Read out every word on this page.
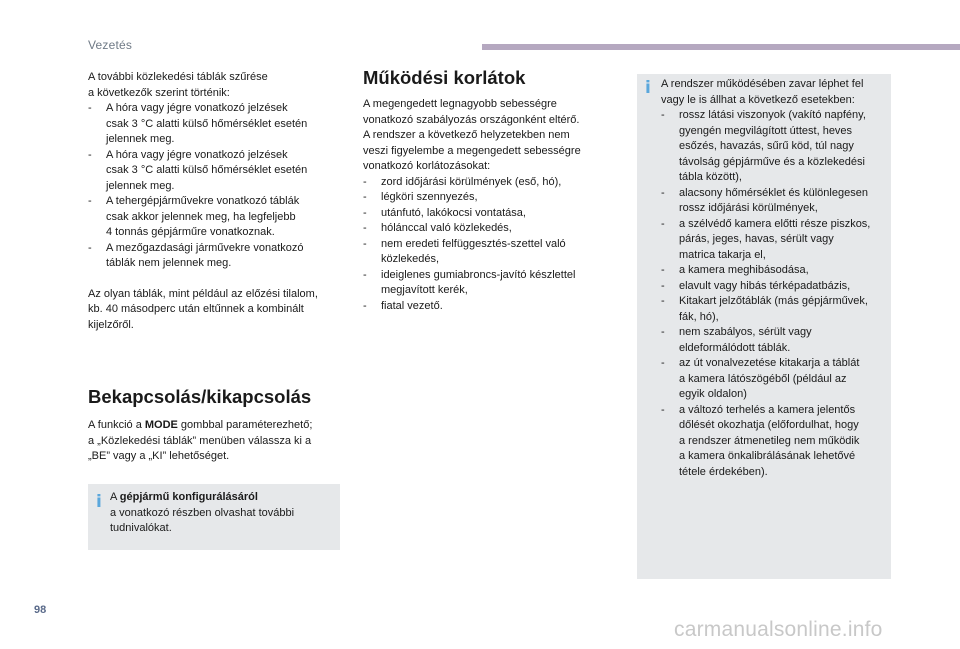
Vezetés

A további közlekedési táblák szűrése

a következők szerint történik:

- A hóra vagy jégre vonatkozó jelzések

csak 3 °C alatti külső hőmérséklet esetén

jelennek meg.

- A hóra vagy jégre vonatkozó jelzések

csak 3 °C alatti külső hőmérséklet esetén

jelennek meg.

- A tehergépjárművekre vonatkozó táblák

csak akkor jelennek meg, ha legfeljebb

4 tonnás gépjárműre vonatkoznak.

- A mezőgazdasági járművekre vonatkozó

táblák nem jelennek meg.

Az olyan táblák, mint például az előzési tilalom,

kb. 40 másodperc után eltűnnek a kombinált

kijelzőről.

Bekapcsolás/kikapcsolás

A funkció a MODE gombbal paraméterezhető;

a „Közlekedési táblák” menüben válassza ki a

„BE” vagy a „KI” lehetőséget.

i A gépjármű konfigurálásáról

a vonatkozó részben olvashat további

tudnivalókat.

Működési korlátok

A megengedett legnagyobb sebességre

vonatkozó szabályozás országonként eltérő.

A rendszer a következő helyzetekben nem

veszi figyelembe a megengedett sebességre

vonatkozó korlátozásokat:

- zord időjárási körülmények (eső, hó),

- légköri szennyezés,

- utánfutó, lakókocsi vontatása,

- hólánccal való közlekedés,

- nem eredeti felfüggesztés-szettel való

közlekedés,

- ideiglenes gumiabroncs-javító készlettel

megjavított kerék,

- fiatal vezető.

i A rendszer működésében zavar léphet fel

vagy le is állhat a következő esetekben:

- rossz látási viszonyok (vakító napfény,

gyengén megvilágított úttest, heves

esőzés, havazás, sűrű köd, túl nagy

távolság gépjárműve és a közlekedési

tábla között),

- alacsony hőmérséklet és különlegesen

rossz időjárási körülmények,

- a szélvédő kamera előtti része piszkos,

párás, jeges, havas, sérült vagy

matrica takarja el,

- a kamera meghibásodása,

- elavult vagy hibás térképadatbázis,

- Kitakart jelzőtáblák (más gépjárművek,

fák, hó),

- nem szabályos, sérült vagy

eldeformálódott táblák.

- az út vonalvezetése kitakarja a táblát

a kamera látószögéből (például az

egyik oldalon)

- a változó terhelés a kamera jelentős

dőlését okozhatja (előfordulhat, hogy

a rendszer átmenetileg nem működik

a kamera önkalibrálásának lehetővé

tétele érdekében).

98
carmanualsonline.info
